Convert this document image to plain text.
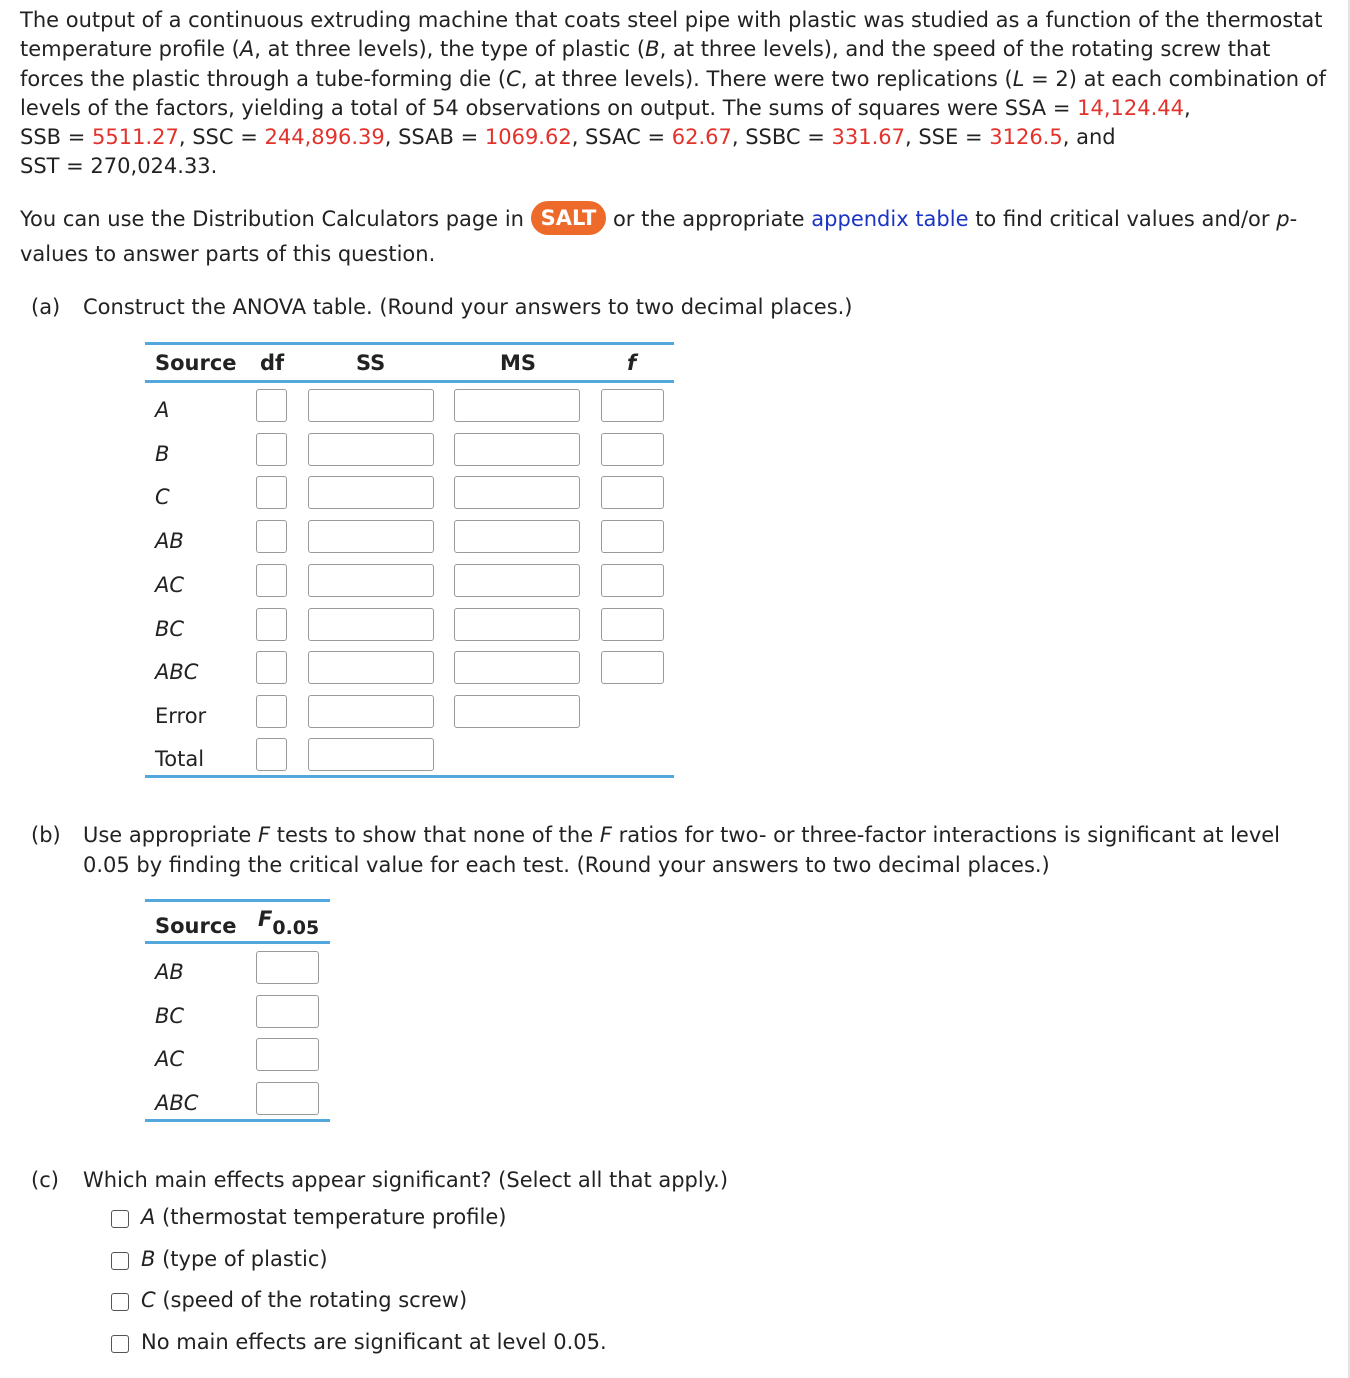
The output of a continuous extruding machine that coats steel pipe with plastic was studied as a function of the thermostat temperature profile (A, at three levels), the type of plastic (B, at three levels), and the speed of the rotating screw that forces the plastic through a tube-forming die (C, at three levels). There were two replications (L = 2) at each combination of levels of the factors, yielding a total of 54 observations on output. The sums of squares were SSA = 14,124.44,
SSB = 5511.27, SSC = 244,896.39, SSAB = 1069.62, SSAC = 62.67, SSBC = 331.67, SSE = 3126.5, and
SST = 270,024.33.
You can use the Distribution Calculators page in SALT or the appropriate appendix table to find critical values and/or p-
values to answer parts of this question.
(a) Construct the ANOVA table. (Round your answers to two decimal places.)
Source df	SS	MS	f
A
B
C
AB
AC
BC
ABC
Error
Total
(b) Use appropriate F tests to show that none of the F ratios for two- or three-factor interactions is significant at level
0.05 by finding the critical value for each test. (Round your answers to two decimal places.)
Source F0.05
AB
BC
AC
ABC
(c) Which main effects appear significant? (Select all that apply.)
A (thermostat temperature profile)
B (type of plastic)
C (speed of the rotating screw)
No main effects are significant at level 0.05.
